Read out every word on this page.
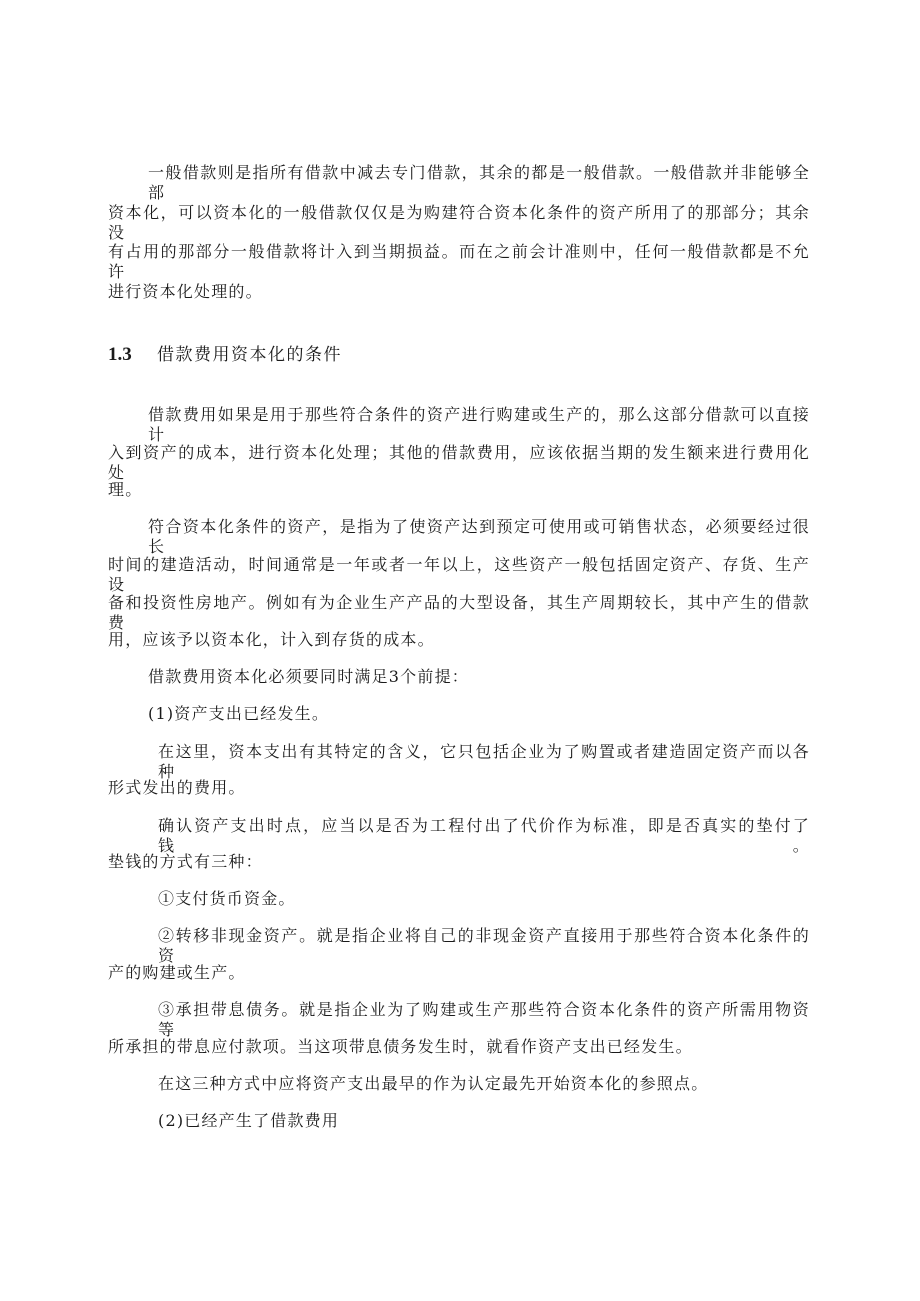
一般借款则是指所有借款中减去专门借款，其余的都是一般借款。一般借款并非能够全部
资本化，可以资本化的一般借款仅仅是为购建符合资本化条件的资产所用了的那部分；其余没
有占用的那部分一般借款将计入到当期损益。而在之前会计准则中，任何一般借款都是不允许
进行资本化处理的。
1.3 借款费用资本化的条件
借款费用如果是用于那些符合条件的资产进行购建或生产的，那么这部分借款可以直接计
入到资产的成本，进行资本化处理；其他的借款费用，应该依据当期的发生额来进行费用化处
理。
符合资本化条件的资产，是指为了使资产达到预定可使用或可销售状态，必须要经过很长
时间的建造活动，时间通常是一年或者一年以上，这些资产一般包括固定资产、存货、生产设
备和投资性房地产。例如有为企业生产产品的大型设备，其生产周期较长，其中产生的借款费
用，应该予以资本化，计入到存货的成本。
借款费用资本化必须要同时满足3个前提：
(1)资产支出已经发生。
在这里，资本支出有其特定的含义，它只包括企业为了购置或者建造固定资产而以各种
形式发出的费用。
确认资产支出时点，应当以是否为工程付出了代价作为标准，即是否真实的垫付了钱。
垫钱的方式有三种：
①支付货币资金。
②转移非现金资产。就是指企业将自己的非现金资产直接用于那些符合资本化条件的资
产的购建或生产。
③承担带息债务。就是指企业为了购建或生产那些符合资本化条件的资产所需用物资等
所承担的带息应付款项。当这项带息债务发生时，就看作资产支出已经发生。
在这三种方式中应将资产支出最早的作为认定最先开始资本化的参照点。
(2)已经产生了借款费用
